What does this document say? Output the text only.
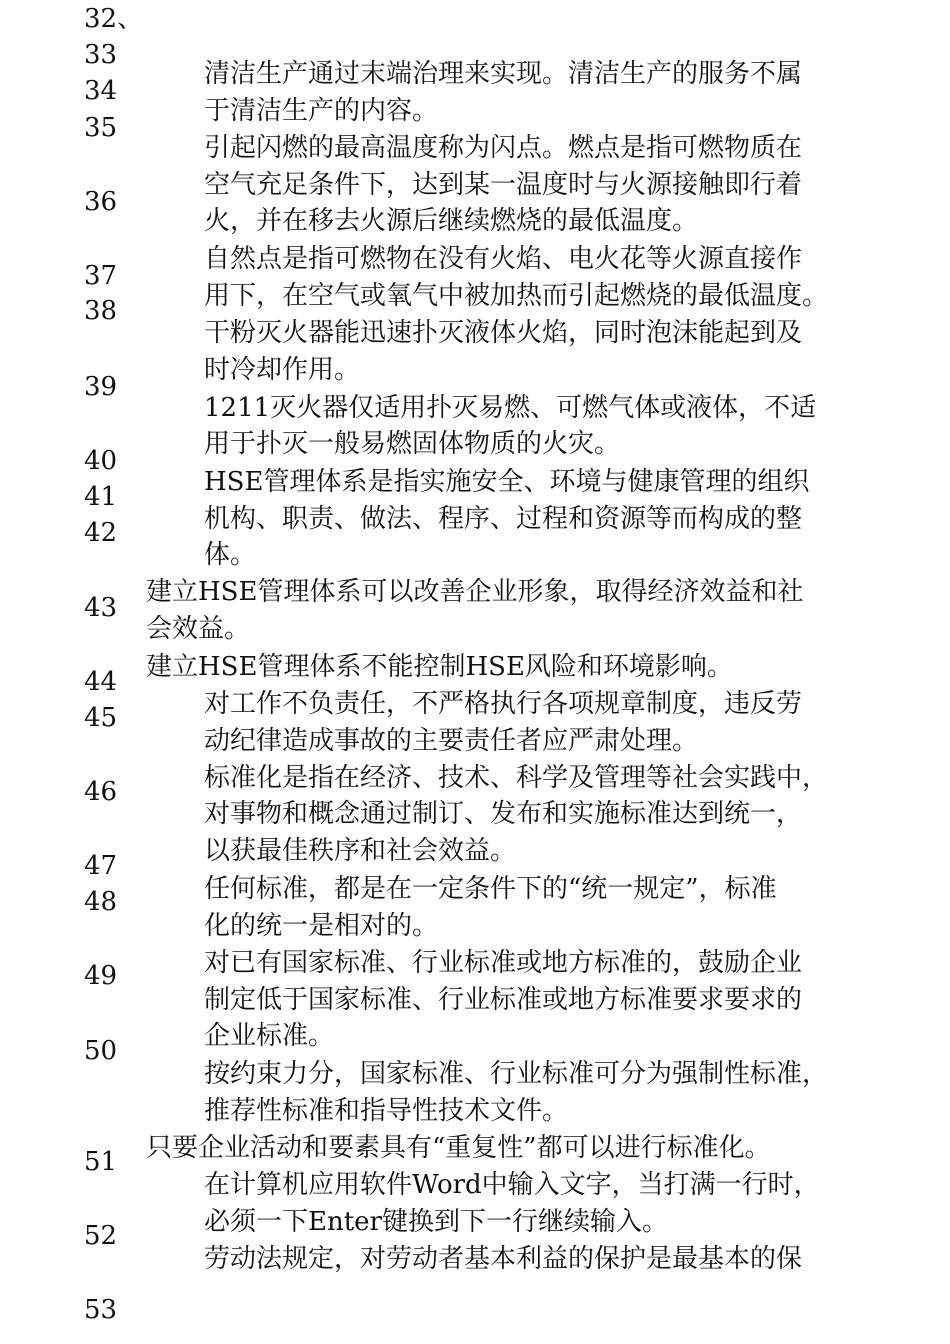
32、
33
34
35
36
37
38
39
40
41
42
43
44
45
46
47
48
49
50
51
52
53
清洁生产通过末端治理来实现。清洁生产的服务不属
于清洁生产的内容。
引起闪燃的最高温度称为闪点。燃点是指可燃物质在
空气充足条件下，达到某一温度时与火源接触即行着
火，并在移去火源后继续燃烧的最低温度。
自然点是指可燃物在没有火焰、电火花等火源直接作
用下，在空气或氧气中被加热而引起燃烧的最低温度。
干粉灭火器能迅速扑灭液体火焰，同时泡沫能起到及
时冷却作用。
1211灭火器仅适用扑灭易燃、可燃气体或液体，不适
用于扑灭一般易燃固体物质的火灾。
HSE管理体系是指实施安全、环境与健康管理的组织
机构、职责、做法、程序、过程和资源等而构成的整
体。
建立HSE管理体系可以改善企业形象，取得经济效益和社
会效益。
建立HSE管理体系不能控制HSE风险和环境影响。
对工作不负责任，不严格执行各项规章制度，违反劳
动纪律造成事故的主要责任者应严肃处理。
标准化是指在经济、技术、科学及管理等社会实践中，
对事物和概念通过制订、发布和实施标准达到统一，
以获最佳秩序和社会效益。
任何标准，都是在一定条件下的“统一规定”，标准
化的统一是相对的。
对已有国家标准、行业标准或地方标准的，鼓励企业
制定低于国家标准、行业标准或地方标准要求要求的
企业标准。
按约束力分，国家标准、行业标准可分为强制性标准，
推荐性标准和指导性技术文件。
只要企业活动和要素具有“重复性”都可以进行标准化。
在计算机应用软件Word中输入文字，当打满一行时，
必须一下Enter键换到下一行继续输入。
劳动法规定，对劳动者基本利益的保护是最基本的保
